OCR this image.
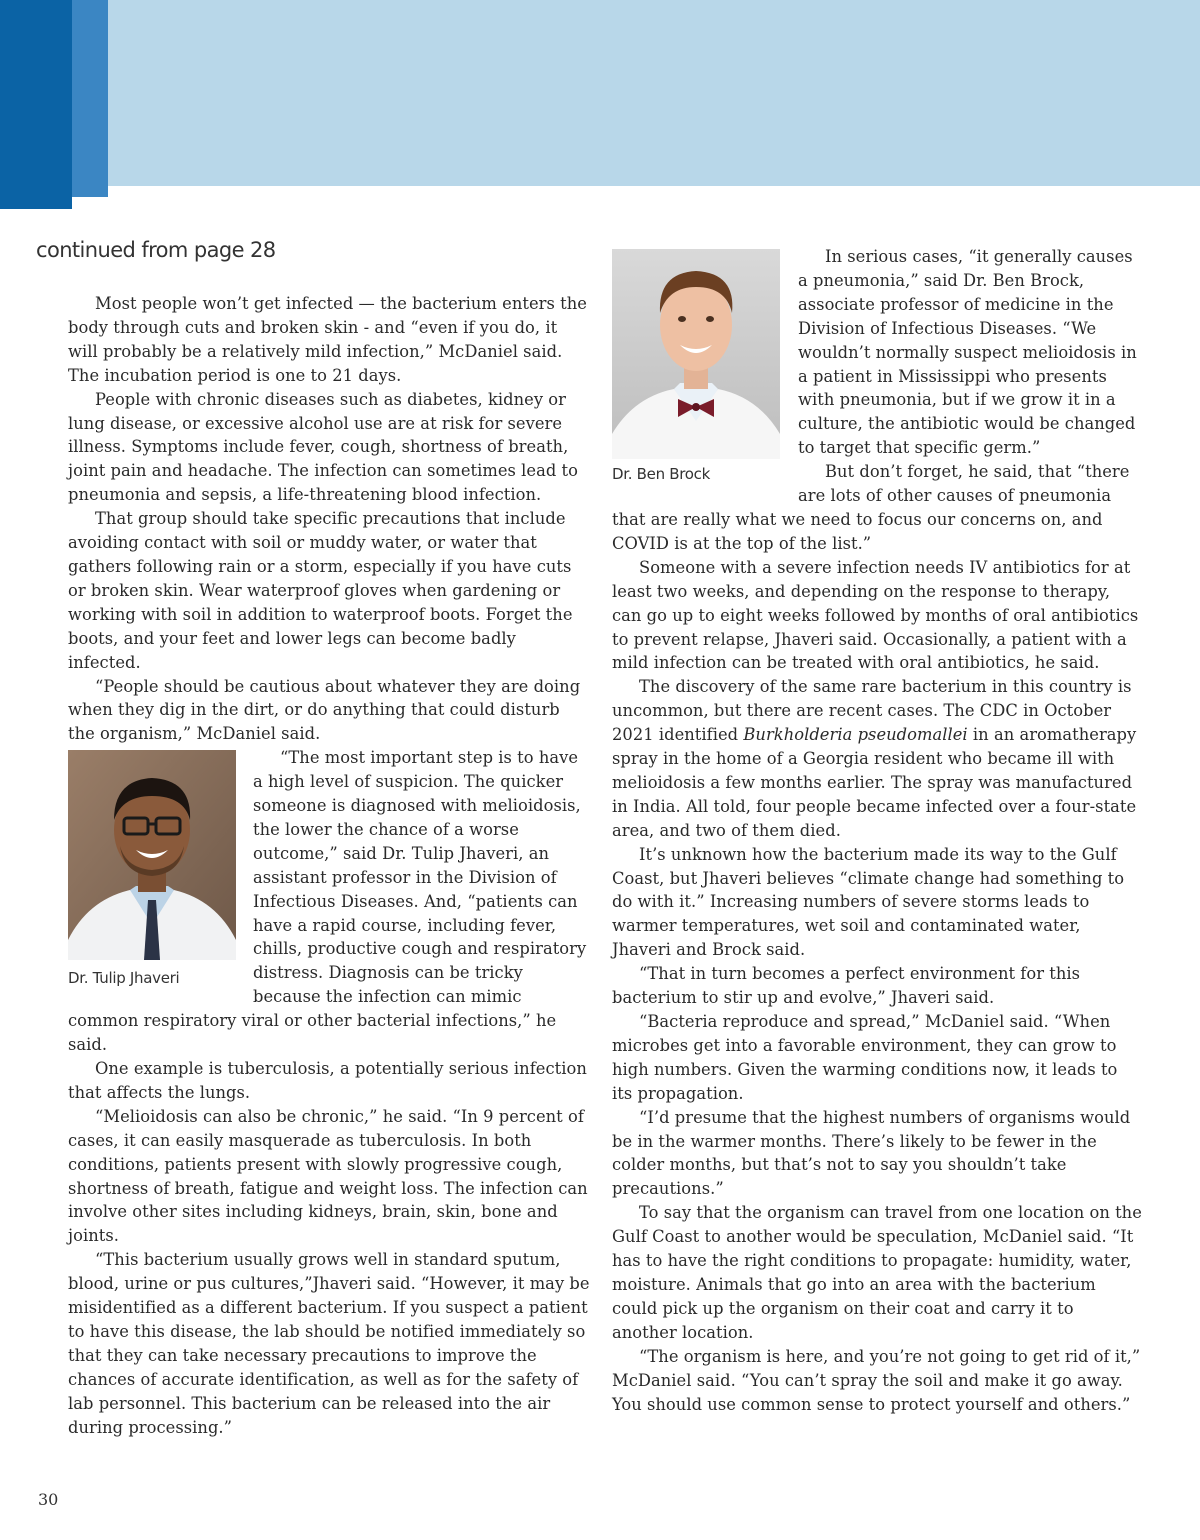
continued from page 28

Most people won’t get infected — the bacterium enters the body through cuts and broken skin - and “even if you do, it will probably be a relatively mild infection,” McDaniel said. The incubation period is one to 21 days.

People with chronic diseases such as diabetes, kidney or lung disease, or excessive alcohol use are at risk for severe illness. Symptoms include fever, cough, shortness of breath, joint pain and headache. The infection can sometimes lead to pneumonia and sepsis, a life-threatening blood infection.

That group should take specific precautions that include avoiding contact with soil or muddy water, or water that gathers following rain or a storm, especially if you have cuts or broken skin. Wear waterproof gloves when gardening or working with soil in addition to waterproof boots. Forget the boots, and your feet and lower legs can become badly infected.

“People should be cautious about whatever they are doing when they dig in the dirt, or do anything that could disturb the organism,” McDaniel said.

Dr. Tulip Jhaveri

“The most important step is to have a high level of suspicion. The quicker someone is diagnosed with melioidosis, the lower the chance of a worse outcome,” said Dr. Tulip Jhaveri, an assistant professor in the Division of Infectious Diseases. And, “patients can have a rapid course, including fever, chills, productive cough and respiratory distress. Diagnosis can be tricky because the infection can mimic common respiratory viral or other bacterial infections,” he said.

One example is tuberculosis, a potentially serious infection that affects the lungs.

“Melioidosis can also be chronic,” he said. “In 9 percent of cases, it can easily masquerade as tuberculosis. In both conditions, patients present with slowly progressive cough, shortness of breath, fatigue and weight loss. The infection can involve other sites including kidneys, brain, skin, bone and joints.

“This bacterium usually grows well in standard sputum, blood, urine or pus cultures,”Jhaveri said. “However, it may be misidentified as a different bacterium. If you suspect a patient to have this disease, the lab should be notified immediately so that they can take necessary precautions to improve the chances of accurate identification, as well as for the safety of lab personnel. This bacterium can be released into the air during processing.”

Dr. Ben Brock

In serious cases, “it generally causes a pneumonia,” said Dr. Ben Brock, associate professor of medicine in the Division of Infectious Diseases. “We wouldn’t normally suspect melioidosis in a patient in Mississippi who presents with pneumonia, but if we grow it in a culture, the antibiotic would be changed to target that specific germ.”

But don’t forget, he said, that “there are lots of other causes of pneumonia that are really what we need to focus our concerns on, and COVID is at the top of the list.”

Someone with a severe infection needs IV antibiotics for at least two weeks, and depending on the response to therapy, can go up to eight weeks followed by months of oral antibiotics to prevent relapse, Jhaveri said. Occasionally, a patient with a mild infection can be treated with oral antibiotics, he said.

The discovery of the same rare bacterium in this country is uncommon, but there are recent cases. The CDC in October 2021 identified Burkholderia pseudomallei in an aromatherapy spray in the home of a Georgia resident who became ill with melioidosis a few months earlier. The spray was manufactured in India. All told, four people became infected over a four-state area, and two of them died.

It’s unknown how the bacterium made its way to the Gulf Coast, but Jhaveri believes “climate change had something to do with it.” Increasing numbers of severe storms leads to warmer temperatures, wet soil and contaminated water, Jhaveri and Brock said.

“That in turn becomes a perfect environment for this bacterium to stir up and evolve,” Jhaveri said.

“Bacteria reproduce and spread,” McDaniel said. “When microbes get into a favorable environment, they can grow to high numbers. Given the warming conditions now, it leads to its propagation.

“I’d presume that the highest numbers of organisms would be in the warmer months. There’s likely to be fewer in the colder months, but that’s not to say you shouldn’t take precautions.”

To say that the organism can travel from one location on the Gulf Coast to another would be speculation, McDaniel said. “It has to have the right conditions to propagate: humidity, water, moisture. Animals that go into an area with the bacterium could pick up the organism on their coat and carry it to another location.

“The organism is here, and you’re not going to get rid of it,” McDaniel said. “You can’t spray the soil and make it go away. You should use common sense to protect yourself and others.”

30
